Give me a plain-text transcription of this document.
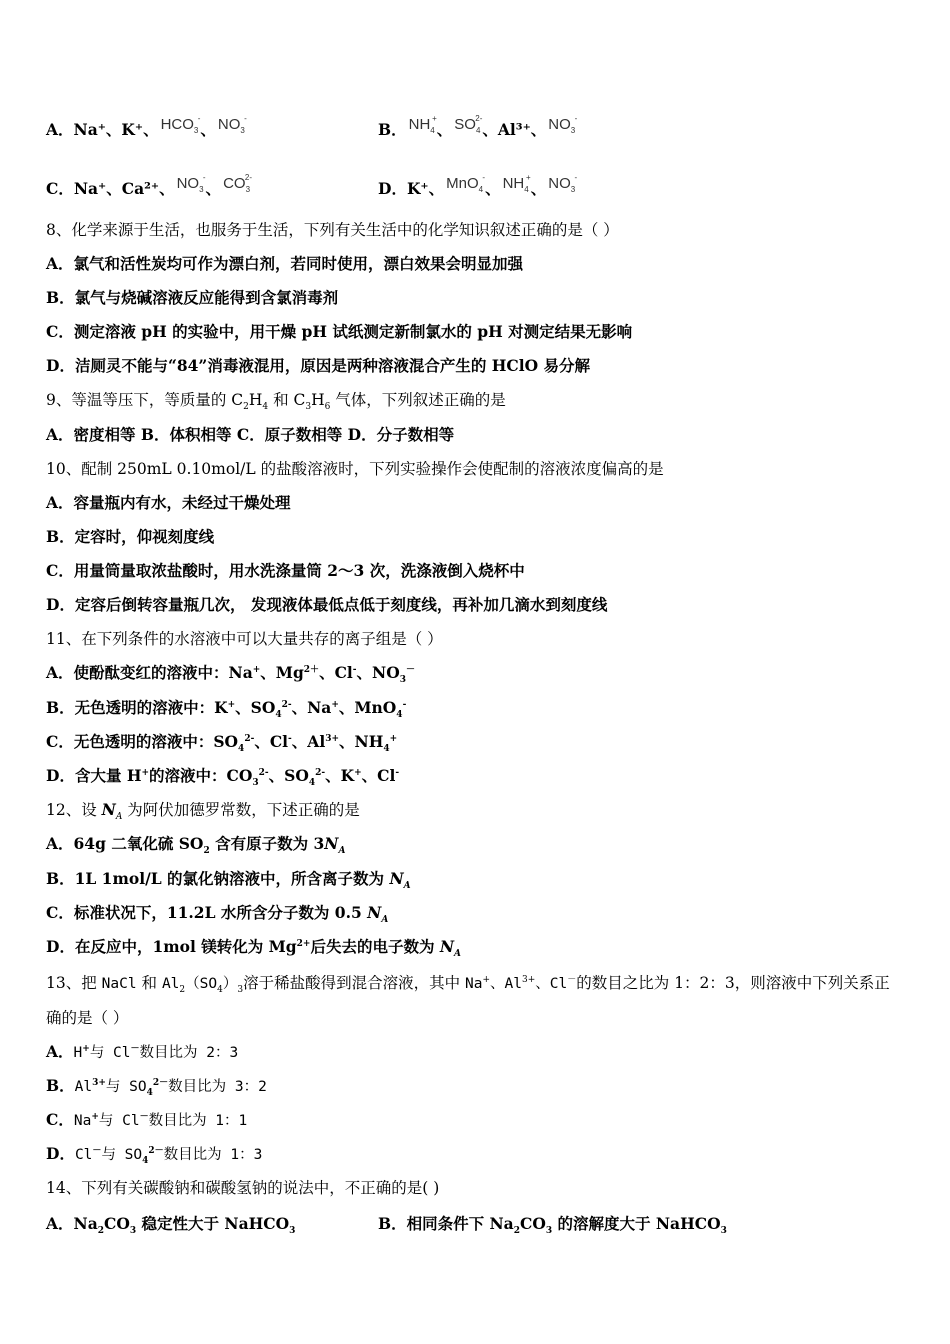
A．Na⁺、K⁺、 $HCO_3$
-
、 $NO_3$
-
B． $NH_4$
+
、 $SO_4$
2-
、Al³⁺、 $NO_3$
-
C．Na⁺、Ca²⁺、 $NO_3$
-
、 $CO_3$
2-
D．K⁺、 MnO$_4$
-
、 $NH_4$
+
、 $NO_3$
-
8、化学来源于生活，也服务于生活，下列有关生活中的化学知识叙述正确的是（ ）
A．氯气和活性炭均可作为漂白剂，若同时使用，漂白效果会明显加强
B．氯气与烧碱溶液反应能得到含氯消毒剂
C．测定溶液 pH 的实验中，用干燥 pH 试纸测定新制氯水的 pH 对测定结果无影响
D．洁厕灵不能与“84”消毒液混用，原因是两种溶液混合产生的 HClO 易分解
9、等温等压下，等质量的 $C_2H_4$ 和 $C_3H_6$ 气体，下列叙述正确的是
A．密度相等 B．体积相等 C．原子数相等 D．分子数相等
10、配制 250mL 0.10mol/L 的盐酸溶液时，下列实验操作会使配制的溶液浓度偏高的是
A．容量瓶内有水，未经过干燥处理
B．定容时，仰视刻度线
C．用量筒量取浓盐酸时，用水洗涤量筒 2～3 次，洗涤液倒入烧杯中
D．定容后倒转容量瓶几次， 发现液体最低点低于刻度线，再补加几滴水到刻度线
11、在下列条件的水溶液中可以大量共存的离子组是（ ）
A．使酚酞变红的溶液中：Na+、$Mg^{2+}$、Cl-、$NO_3^-$
B．无色透明的溶液中：K+、$SO_4^{2-}$、Na+、MnO$_4$-
C．无色透明的溶液中：$SO_4^{2-}$、Cl-、$Al^{3+}$、$NH_4^+$
D．含大量 H+的溶液中：$CO_3^{2-}$、$SO_4^{2-}$、K+、Cl-
12、设 $N_A$ 为阿伏加德罗常数，下述正确的是
A．64g 二氧化硫 $SO_2$ 含有原子数为 $3N_A$
B．1L 1mol/L 的氯化钠溶液中，所含离子数为 $N_A$
C．标准状况下，11.2L 水所含分子数为 0.5 $N_A$
D．在反应中，1mol 镁转化为 $Mg^{2+}$后失去的电子数为 $N_A$
13、把 NaCl 和 $Al_2(SO_4)_3$溶于稀盐酸得到混合溶液，其中 Na+、$Al^{3+}$、Cl－的数目之比为 1：2：3，则溶液中下列关系正
确的是（ ）
A．H+与 Cl－数目比为 2：3
B．$Al^{3+}$与 $SO_4^{2-}$数目比为 3：2
C．Na+与 Cl－数目比为 1：1
D．Cl－与 $SO_4^{2-}$数目比为 1：3
14、下列有关碳酸钠和碳酸氢钠的说法中，不正确的是( )
A．$Na_2CO_3$ 稳定性大于 NaHCO$_3$	B．相同条件下 $Na_2CO_3$ 的溶解度大于 NaHCO$_3$
